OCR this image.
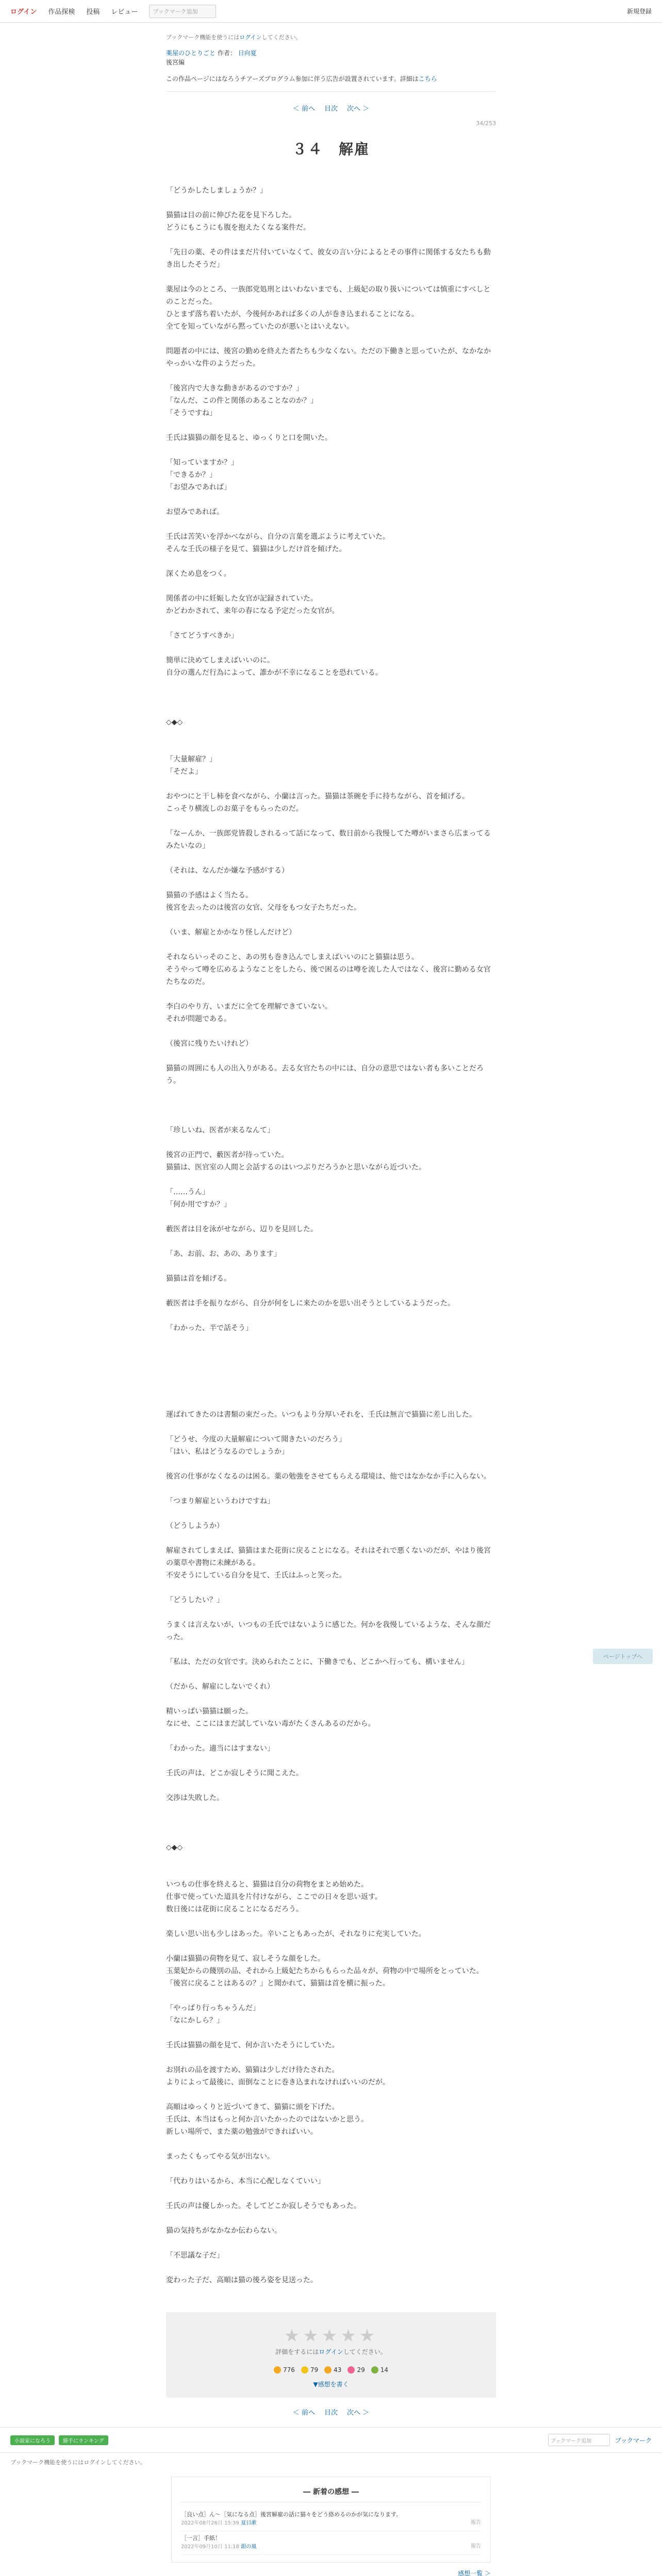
ログイン 作品探検 投稿 レビュー	ブックマーク追加	新規登録
ブックマーク機能を使うにはログインしてください。
薬屋のひとりごと 作者： 日向夏
後宮編
この作品ページにはなろうチアーズプログラム参加に伴う広告が設置されています。詳細はこちら
＜ 前へ 目次 次へ ＞
34/253
３４　解雇

「どうかしたしましょうか？」

猫猫は目の前に伸びた花を見下ろした。

どうにもこうにも腹を抱えたくなる案件だ。

「先日の薬、その件はまだ片付いていなくて、彼女の言い分によるとその事件に関係する女たちも動き出したそうだ」

薬屋は今のところ、一族郎党処刑とはいわないまでも、上級妃の取り扱いについては慎重にすべしとのことだった。

ひとまず落ち着いたが、今後何かあれば多くの人が巻き込まれることになる。

全てを知っていながら黙っていたのが悪いとはいえない。

問題者の中には、後宮の勤めを終えた者たちも少なくない。ただの下働きと思っていたが、なかなかやっかいな件のようだった。

「後宮内で大きな動きがあるのですか？」

「なんだ、この件と関係のあることなのか？」

「そうですね」

壬氏は猫猫の顔を見ると、ゆっくりと口を開いた。

「知っていますか？」

「できるか？」

「お望みであれば」

お望みであれば。

壬氏は苦笑いを浮かべながら、自分の言葉を選ぶように考えていた。

そんな壬氏の様子を見て、猫猫は少しだけ首を傾げた。

深くため息をつく。

関係者の中に妊娠した女官が記録されていた。

かどわかされて、来年の春になる予定だった女官が。

「さてどうすべきか」

簡単に決めてしまえばいいのに。

自分の選んだ行為によって、誰かが不幸になることを恐れている。

◇◆◇

「大量解雇？」

「そだよ」

おやつにと干し柿を食べながら、小蘭は言った。猫猫は茶碗を手に持ちながら、首を傾げる。

こっそり横流しのお菓子をもらったのだ。

「なーんか、一族郎党皆殺しされるって話になって、数日前から我慢してた噂がいまさら広まってるみたいなの」

（それは、なんだか嫌な予感がする）

猫猫の予感はよく当たる。

後宮を去ったのは後宮の女官、父母をもつ女子たちだった。

（いま、解雇とかかなり怪しんだけど）

それならいっそのこと、あの男も巻き込んでしまえばいいのにと猫猫は思う。

そうやって噂を広めるようなことをしたら、後で困るのは噂を流した人ではなく、後宮に勤める女官たちなのだ。

李白のやり方、いまだに全てを理解できていない。

それが問題である。

（後宮に残りたいけれど）

猫猫の周囲にも人の出入りがある。去る女官たちの中には、自分の意思ではない者も多いことだろう。

「珍しいね、医者が来るなんて」

後宮の正門で、藪医者が待っていた。

猫猫は、医官室の人間と会話するのはいつぶりだろうかと思いながら近づいた。

「……うん」

「何か用ですか？」

藪医者は目を泳がせながら、辺りを見回した。

「あ、お前、お、あの、あります」

猫猫は首を傾げる。

藪医者は手を振りながら、自分が何をしに来たのかを思い出そうとしているようだった。

「わかった、半で話そう」

運ばれてきたのは書類の束だった。いつもより分厚いそれを、壬氏は無言で猫猫に差し出した。

「どうせ、今度の大量解雇について聞きたいのだろう」

「はい、私はどうなるのでしょうか」

後宮の仕事がなくなるのは困る。薬の勉強をさせてもらえる環境は、他ではなかなか手に入らない。

「つまり解雇というわけですね」

（どうしようか）

解雇されてしまえば、猫猫はまた花街に戻ることになる。それはそれで悪くないのだが、やはり後宮の薬草や書物に未練がある。

不安そうにしている自分を見て、壬氏はふっと笑った。

「どうしたい？」

うまくは言えないが、いつもの壬氏ではないように感じた。何かを我慢しているような、そんな顔だった。

「私は、ただの女官です。決められたことに、下働きでも、どこかへ行っても、構いません」

（だから、解雇にしないでくれ）

精いっぱい猫猫は願った。

なにせ、ここにはまだ試していない毒がたくさんあるのだから。

「わかった。適当にはすまない」

壬氏の声は、どこか寂しそうに聞こえた。

交渉は失敗した。

◇◆◇

いつもの仕事を終えると、猫猫は自分の荷物をまとめ始めた。

仕事で使っていた道具を片付けながら、ここでの日々を思い返す。

数日後には花街に戻ることになるだろう。

楽しい思い出も少しはあった。辛いこともあったが、それなりに充実していた。

小蘭は猫猫の荷物を見て、寂しそうな顔をした。

玉葉妃からの餞別の品、それから上級妃たちからもらった品々が、荷物の中で場所をとっていた。

「後宮に戻ることはあるの？」と聞かれて、猫猫は首を横に振った。

「やっぱり行っちゃうんだ」

「なにかしら？」

壬氏は猫猫の顔を見て、何か言いたそうにしていた。

お別れの品を渡すため、猫猫は少しだけ待たされた。

よりによって最後に、面倒なことに巻き込まれなければいいのだが。

高順はゆっくりと近づいてきて、猫猫に頭を下げた。

壬氏は、本当はもっと何か言いたかったのではないかと思う。

新しい場所で、また薬の勉強ができればいい。

まったくもってやる気が出ない。

「代わりはいるから、本当に心配しなくていい」

壬氏の声は優しかった。そしてどこか寂しそうでもあった。

猫の気持ちがなかなか伝わらない。

「不思議な子だ」

変わった子だ、高順は猫の後ろ姿を見送った。

★★★★★
評価をするにはログインしてください。
776	79	43	29	14
▼感想を書く
＜ 前へ 目次 次へ ＞
ページトップへ
小説家になろう	勝手にランキング	ブックマーク追加	ブックマーク
ブックマーク機能を使うにはログインしてください。
― 新着の感想 ―
［良い点］ん～［気になる点］後宮解雇の話に猫々をどう絡めるのかが気になります。
2022年08月26日 15:39 夏目漱	報告
［一言］手紙！
2022年09月10日 11:18 銀の風	報告
感想一覧 ＞
